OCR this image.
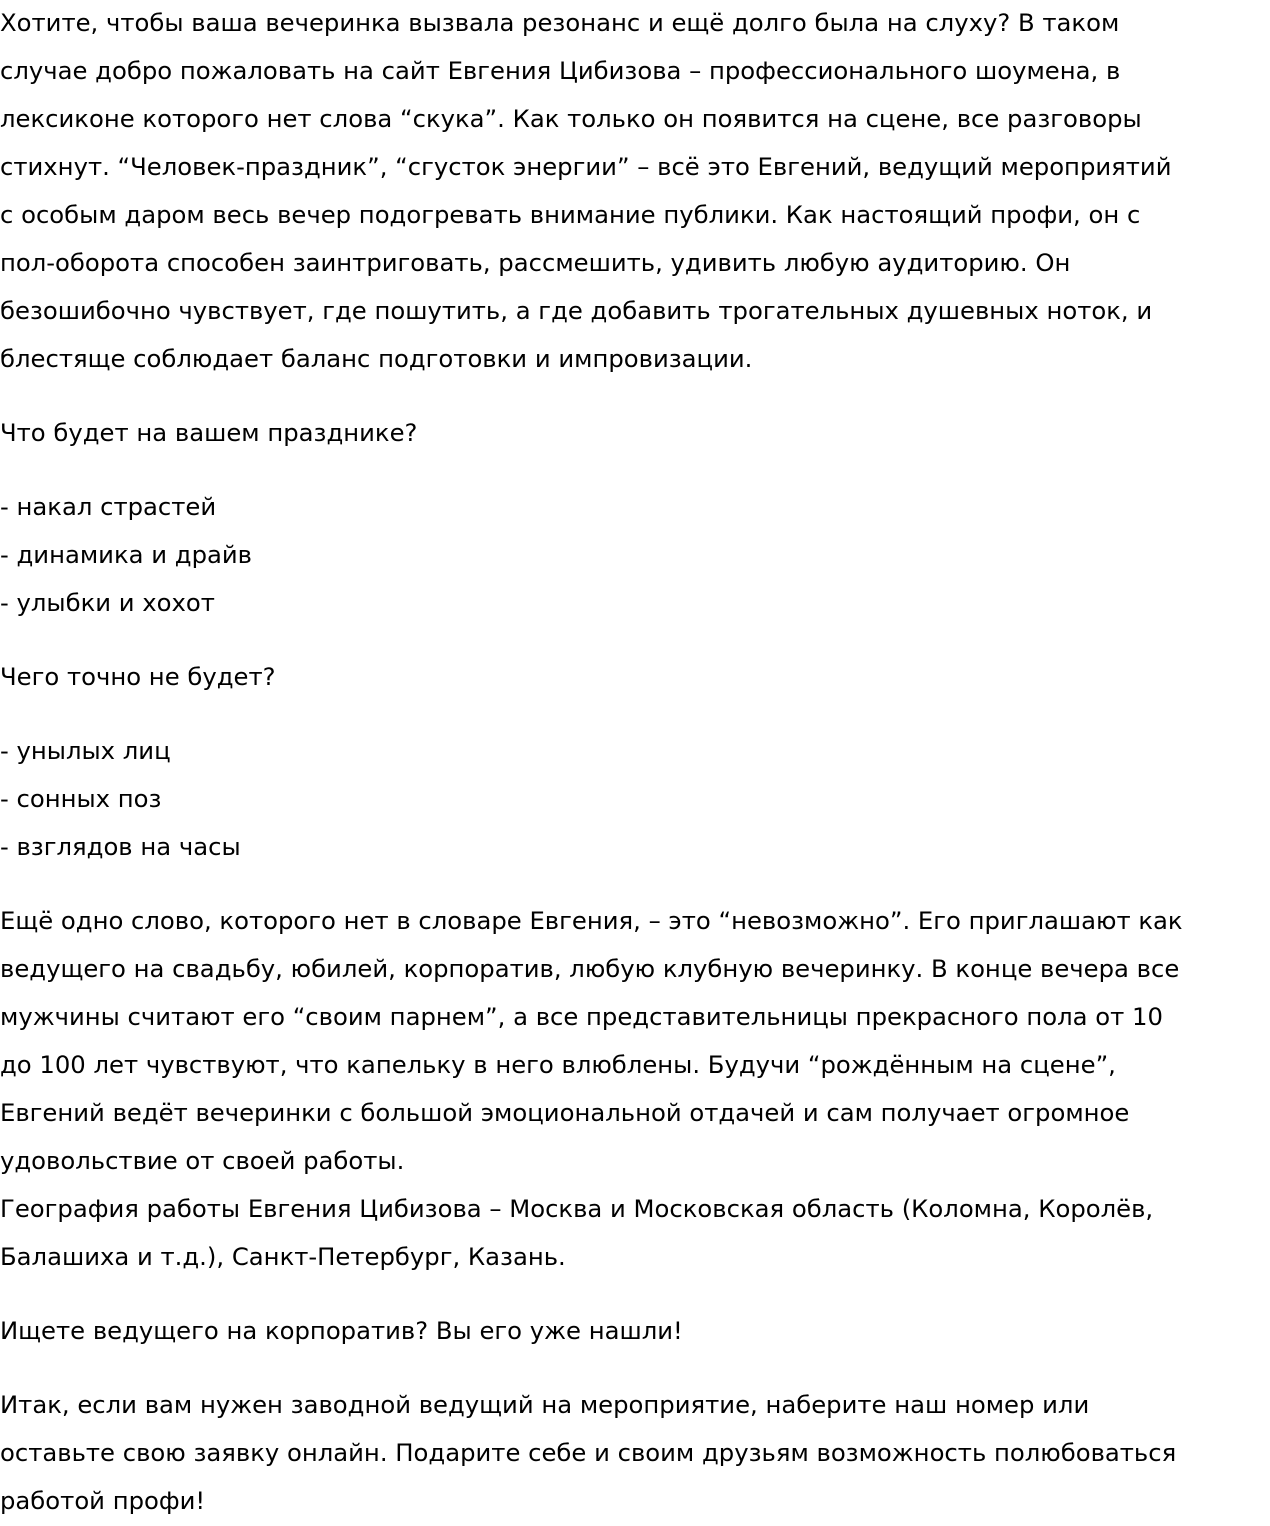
Хотите, чтобы ваша вечеринка вызвала резонанс и ещё долго была на слуху? В таком
случае добро пожаловать на сайт Евгения Цибизова – профессионального шоумена, в
лексиконе которого нет слова “скука”. Как только он появится на сцене, все разговоры
стихнут. “Человек-праздник”, “сгусток энергии” – всё это Евгений, ведущий мероприятий
с особым даром весь вечер подогревать внимание публики. Как настоящий профи, он с
пол-оборота способен заинтриговать, рассмешить, удивить любую аудиторию. Он
безошибочно чувствует, где пошутить, а где добавить трогательных душевных ноток, и
блестяще соблюдает баланс подготовки и импровизации.

Что будет на вашем празднике?

- накал страстей
- динамика и драйв
- улыбки и хохот

Чего точно не будет?

- унылых лиц
- сонных поз
- взглядов на часы

Ещё одно слово, которого нет в словаре Евгения, – это “невозможно”. Его приглашают как
ведущего на свадьбу, юбилей, корпоратив, любую клубную вечеринку. В конце вечера все
мужчины считают его “своим парнем”, а все представительницы прекрасного пола от 10
до 100 лет чувствуют, что капельку в него влюблены. Будучи “рождённым на сцене”,
Евгений ведёт вечеринки с большой эмоциональной отдачей и сам получает огромное
удовольствие от своей работы.
География работы Евгения Цибизова – Москва и Московская область (Коломна, Королёв,
Балашиха и т.д.), Санкт-Петербург, Казань.

Ищете ведущего на корпоратив? Вы его уже нашли!

Итак, если вам нужен заводной ведущий на мероприятие, наберите наш номер или
оставьте свою заявку онлайн. Подарите себе и своим друзьям возможность полюбоваться
работой профи!
